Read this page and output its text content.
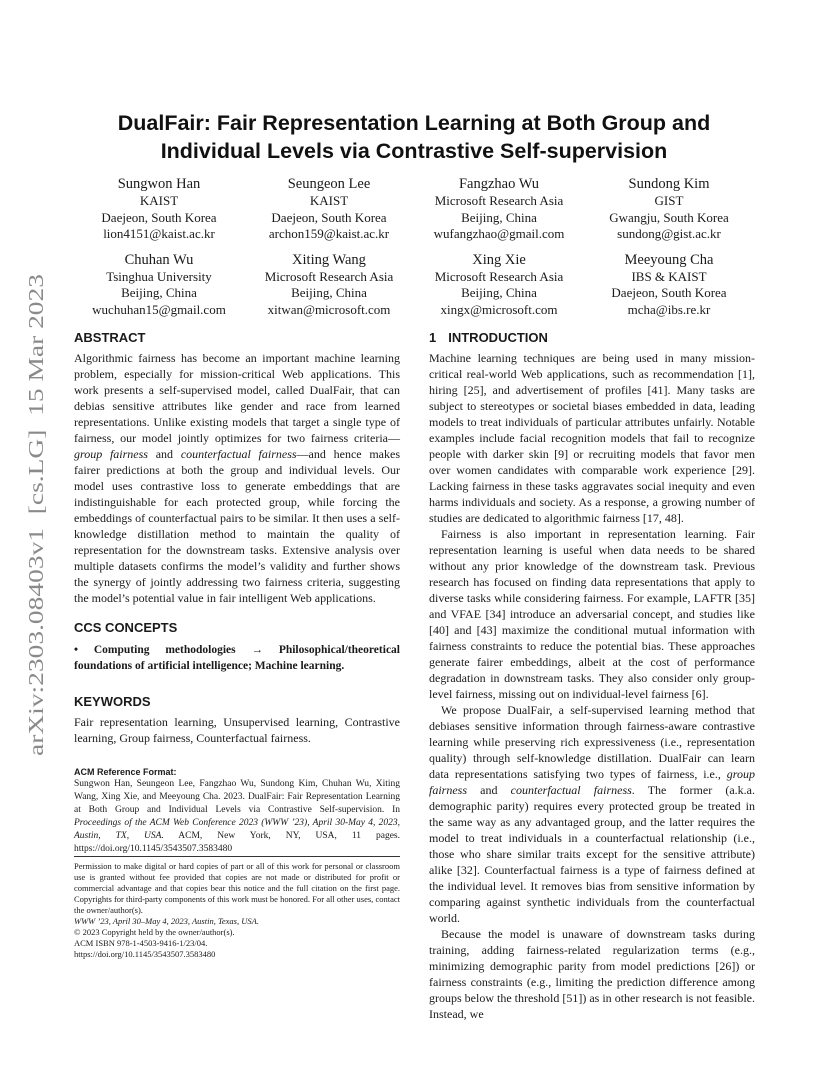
arXiv:2303.08403v1  [cs.LG]  15 Mar 2023
DualFair: Fair Representation Learning at Both Group and
Individual Levels via Contrastive Self-supervision
Sungwon Han
KAIST
Daejeon, South Korea
lion4151@kaist.ac.kr
Seungeon Lee
KAIST
Daejeon, South Korea
archon159@kaist.ac.kr
Fangzhao Wu
Microsoft Research Asia
Beijing, China
wufangzhao@gmail.com
Sundong Kim
GIST
Gwangju, South Korea
sundong@gist.ac.kr
Chuhan Wu
Tsinghua University
Beijing, China
wuchuhan15@gmail.com
Xiting Wang
Microsoft Research Asia
Beijing, China
xitwan@microsoft.com
Xing Xie
Microsoft Research Asia
Beijing, China
xingx@microsoft.com
Meeyoung Cha
IBS & KAIST
Daejeon, South Korea
mcha@ibs.re.kr
ABSTRACT

Algorithmic fairness has become an important machine learning problem, especially for mission-critical Web applications. This work presents a self-supervised model, called DualFair, that can debias sensitive attributes like gender and race from learned representations. Unlike existing models that target a single type of fairness, our model jointly optimizes for two fairness criteria—group fairness and counterfactual fairness—and hence makes fairer predictions at both the group and individual levels. Our model uses contrastive loss to generate embeddings that are indistinguishable for each protected group, while forcing the embeddings of counterfactual pairs to be similar. It then uses a self-knowledge distillation method to maintain the quality of representation for the downstream tasks. Extensive analysis over multiple datasets confirms the model’s validity and further shows the synergy of jointly addressing two fairness criteria, suggesting the model’s potential value in fair intelligent Web applications.

CCS CONCEPTS

• Computing methodologies → Philosophical/theoretical foundations of artificial intelligence; Machine learning.

KEYWORDS

Fair representation learning, Unsupervised learning, Contrastive learning, Group fairness, Counterfactual fairness.

ACM Reference Format:

Sungwon Han, Seungeon Lee, Fangzhao Wu, Sundong Kim, Chuhan Wu, Xiting Wang, Xing Xie, and Meeyoung Cha. 2023. DualFair: Fair Representation Learning at Both Group and Individual Levels via Contrastive Self-supervision. In Proceedings of the ACM Web Conference 2023 (WWW ’23), April 30-May 4, 2023, Austin, TX, USA. ACM, New York, NY, USA, 11 pages. https://doi.org/10.1145/3543507.3583480

Permission to make digital or hard copies of part or all of this work for personal or classroom use is granted without fee provided that copies are not made or distributed for profit or commercial advantage and that copies bear this notice and the full citation on the first page. Copyrights for third-party components of this work must be honored. For all other uses, contact the owner/author(s).
WWW ’23, April 30–May 4, 2023, Austin, Texas, USA.
© 2023 Copyright held by the owner/author(s).
ACM ISBN 978-1-4503-9416-1/23/04.
https://doi.org/10.1145/3543507.3583480
1 INTRODUCTION

Machine learning techniques are being used in many mission-critical real-world Web applications, such as recommendation [1], hiring [25], and advertisement of profiles [41]. Many tasks are subject to stereotypes or societal biases embedded in data, leading models to treat individuals of particular attributes unfairly. Notable examples include facial recognition models that fail to recognize people with darker skin [9] or recruiting models that favor men over women candidates with comparable work experience [29]. Lacking fairness in these tasks aggravates social inequity and even harms individuals and society. As a response, a growing number of studies are dedicated to algorithmic fairness [17, 48].

Fairness is also important in representation learning. Fair representation learning is useful when data needs to be shared without any prior knowledge of the downstream task. Previous research has focused on finding data representations that apply to diverse tasks while considering fairness. For example, LAFTR [35] and VFAE [34] introduce an adversarial concept, and studies like [40] and [43] maximize the conditional mutual information with fairness constraints to reduce the potential bias. These approaches generate fairer embeddings, albeit at the cost of performance degradation in downstream tasks. They also consider only group-level fairness, missing out on individual-level fairness [6].

We propose DualFair, a self-supervised learning method that debiases sensitive information through fairness-aware contrastive learning while preserving rich expressiveness (i.e., representation quality) through self-knowledge distillation. DualFair can learn data representations satisfying two types of fairness, i.e., group fairness and counterfactual fairness. The former (a.k.a. demographic parity) requires every protected group be treated in the same way as any advantaged group, and the latter requires the model to treat individuals in a counterfactual relationship (i.e., those who share similar traits except for the sensitive attribute) alike [32]. Counterfactual fairness is a type of fairness defined at the individual level. It removes bias from sensitive information by comparing against synthetic individuals from the counterfactual world.

Because the model is unaware of downstream tasks during training, adding fairness-related regularization terms (e.g., minimizing demographic parity from model predictions [26]) or fairness constraints (e.g., limiting the prediction difference among groups below the threshold [51]) as in other research is not feasible. Instead, we
